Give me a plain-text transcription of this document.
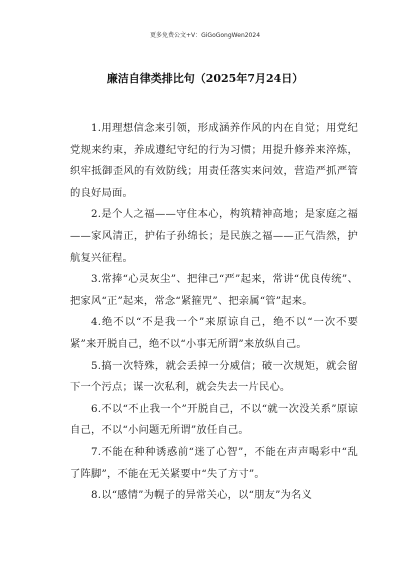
更多免费公文+V：GiGoGongWen2024
廉洁自律类排比句（2025年7月24日）

1.用理想信念来引领，形成涵养作风的内在自觉；用党纪党规来约束，养成遵纪守纪的行为习惯；用提升修养来淬炼，织牢抵御歪风的有效防线；用责任落实来问效，营造严抓严管的良好局面。

2.是个人之福——守住本心，构筑精神高地；是家庭之福——家风清正，护佑子孙绵长；是民族之福——正气浩然，护航复兴征程。

3.常捧“心灵灰尘”、把律己“严”起来，常讲“优良传统”、把家风“正”起来，常念“紧箍咒”、把亲属“管”起来。

4.绝不以“不是我一个”来原谅自己，绝不以“一次不要紧”来开脱自己，绝不以“小事无所谓”来放纵自己。

5.搞一次特殊，就会丢掉一分威信；破一次规矩，就会留下一个污点；谋一次私利，就会失去一片民心。

6.不以“不止我一个”开脱自己，不以“就一次没关系”原谅自己，不以“小问题无所谓”放任自己。

7.不能在种种诱惑前“迷了心智”，不能在声声喝彩中“乱了阵脚”，不能在无关紧要中“失了方寸”。

8.以“感情”为幌子的异常关心，以“朋友”为名义
